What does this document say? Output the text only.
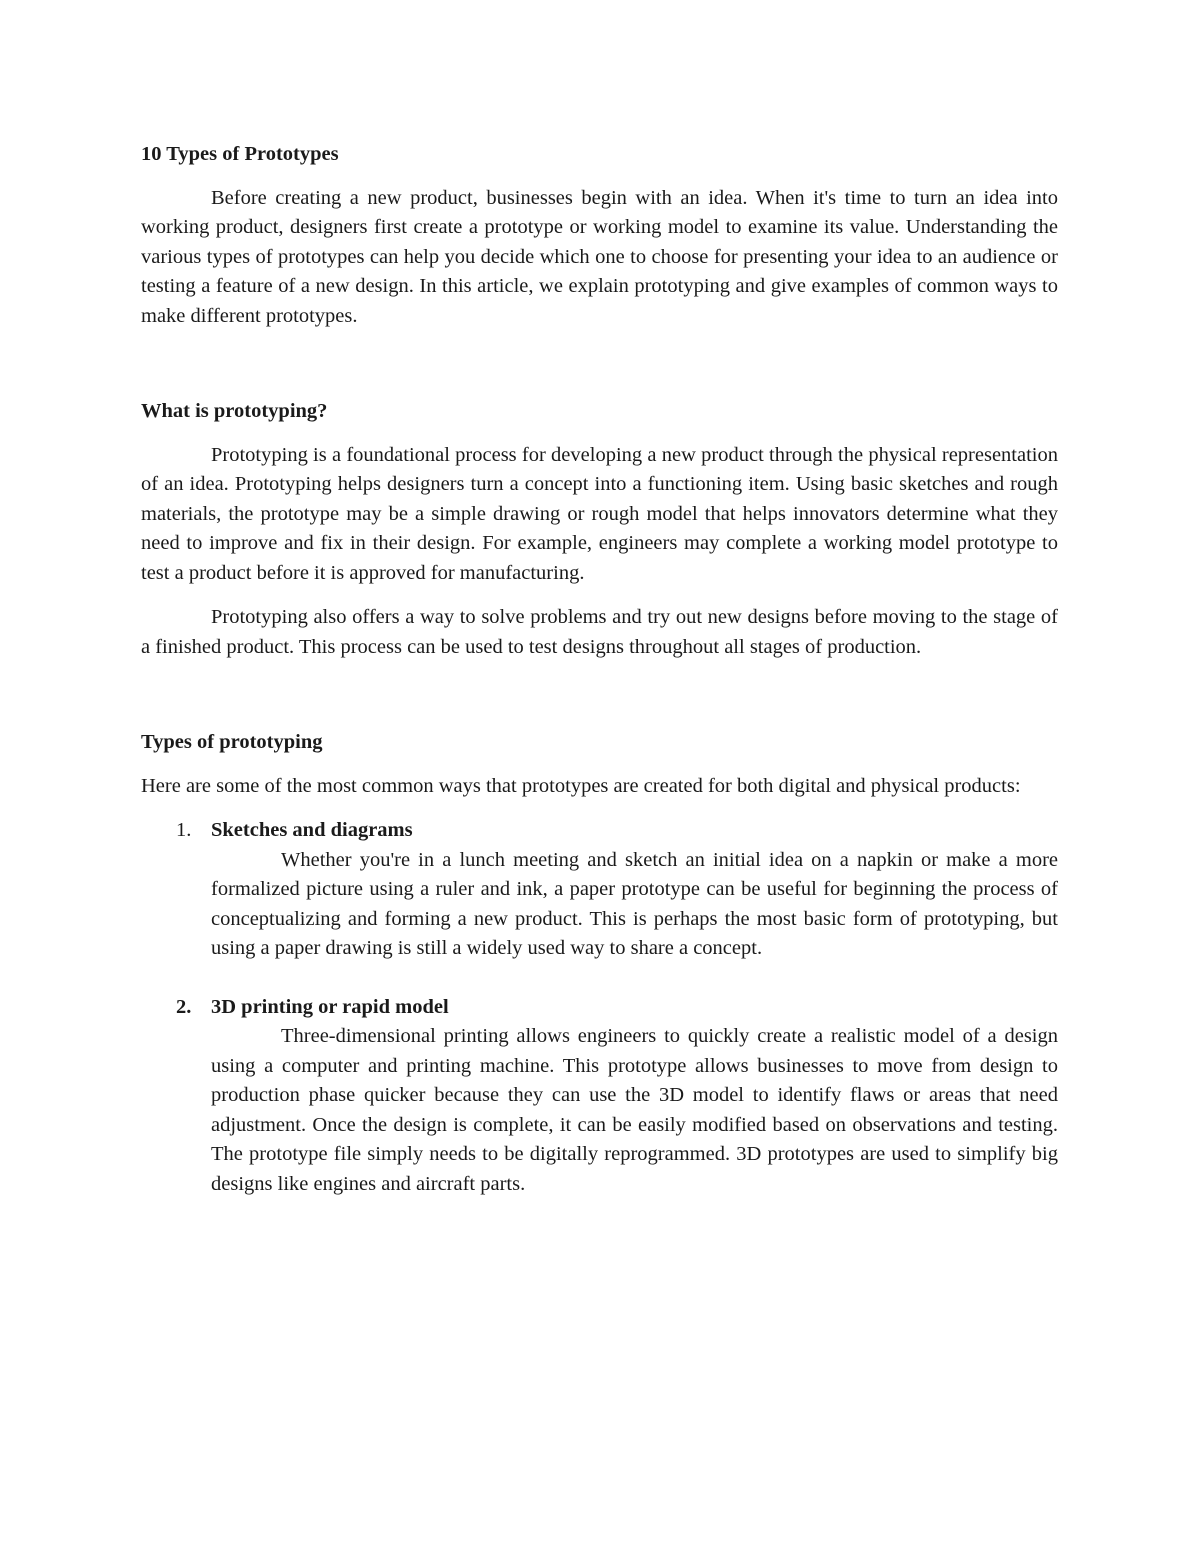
10 Types of Prototypes

Before creating a new product, businesses begin with an idea. When it's time to turn an idea into working product, designers first create a prototype or working model to examine its value. Understanding the various types of prototypes can help you decide which one to choose for presenting your idea to an audience or testing a feature of a new design. In this article, we explain prototyping and give examples of common ways to make different prototypes.

What is prototyping?

Prototyping is a foundational process for developing a new product through the physical representation of an idea. Prototyping helps designers turn a concept into a functioning item. Using basic sketches and rough materials, the prototype may be a simple drawing or rough model that helps innovators determine what they need to improve and fix in their design. For example, engineers may complete a working model prototype to test a product before it is approved for manufacturing.

Prototyping also offers a way to solve problems and try out new designs before moving to the stage of a finished product. This process can be used to test designs throughout all stages of production.

Types of prototyping

Here are some of the most common ways that prototypes are created for both digital and physical products:

1. Sketches and diagrams

Whether you're in a lunch meeting and sketch an initial idea on a napkin or make a more formalized picture using a ruler and ink, a paper prototype can be useful for beginning the process of conceptualizing and forming a new product. This is perhaps the most basic form of prototyping, but using a paper drawing is still a widely used way to share a concept.

2. 3D printing or rapid model

Three-dimensional printing allows engineers to quickly create a realistic model of a design using a computer and printing machine. This prototype allows businesses to move from design to production phase quicker because they can use the 3D model to identify flaws or areas that need adjustment. Once the design is complete, it can be easily modified based on observations and testing. The prototype file simply needs to be digitally reprogrammed. 3D prototypes are used to simplify big designs like engines and aircraft parts.
